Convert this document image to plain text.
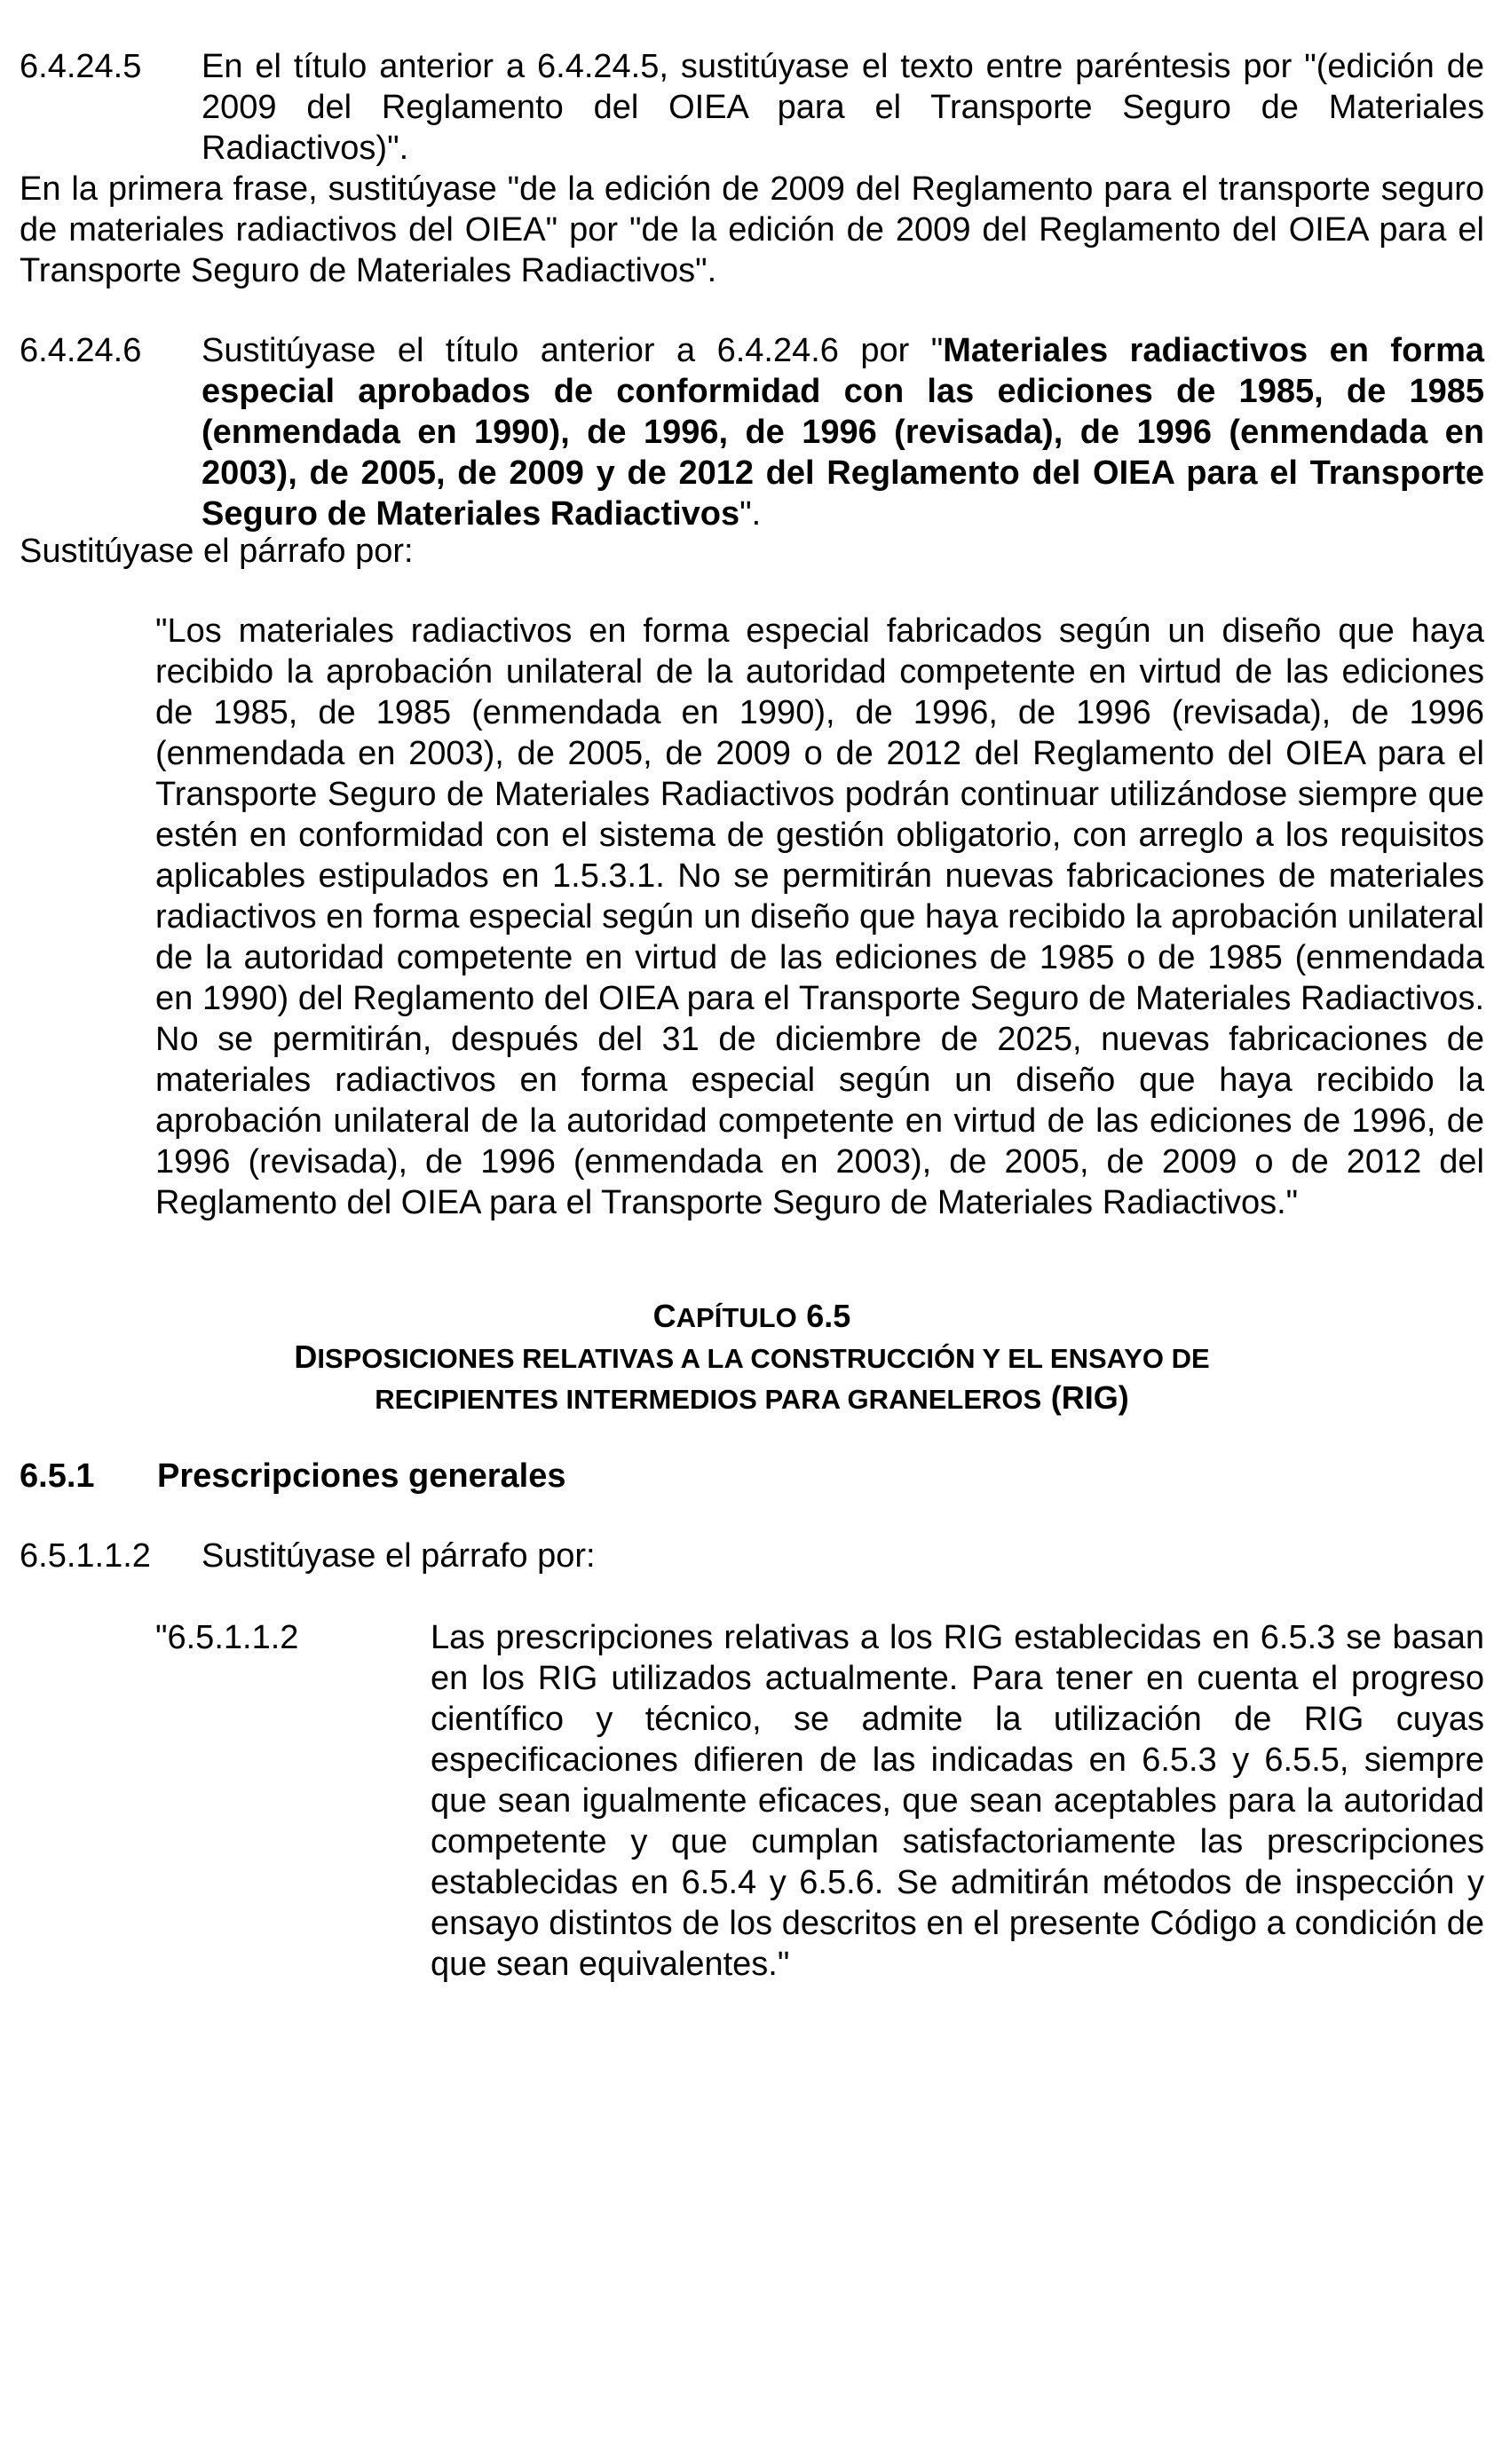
6.4.24.5	En el título anterior a 6.4.24.5, sustitúyase el texto entre paréntesis por "(edición de 2009 del Reglamento del OIEA para el Transporte Seguro de Materiales Radiactivos)".

En la primera frase, sustitúyase "de la edición de 2009 del Reglamento para el transporte seguro de materiales radiactivos del OIEA" por "de la edición de 2009 del Reglamento del OIEA para el Transporte Seguro de Materiales Radiactivos".

6.4.24.6	Sustitúyase el título anterior a 6.4.24.6 por "Materiales radiactivos en forma especial aprobados de conformidad con las ediciones de 1985, de 1985 (enmendada en 1990), de 1996, de 1996 (revisada), de 1996 (enmendada en 2003), de 2005, de 2009 y de 2012 del Reglamento del OIEA para el Transporte Seguro de Materiales Radiactivos".

Sustitúyase el párrafo por:

"Los materiales radiactivos en forma especial fabricados según un diseño que haya recibido la aprobación unilateral de la autoridad competente en virtud de las ediciones de 1985, de 1985 (enmendada en 1990), de 1996, de 1996 (revisada), de 1996 (enmendada en 2003), de 2005, de 2009 o de 2012 del Reglamento del OIEA para el Transporte Seguro de Materiales Radiactivos podrán continuar utilizándose siempre que estén en conformidad con el sistema de gestión obligatorio, con arreglo a los requisitos aplicables estipulados en 1.5.3.1. No se permitirán nuevas fabricaciones de materiales radiactivos en forma especial según un diseño que haya recibido la aprobación unilateral de la autoridad competente en virtud de las ediciones de 1985 o de 1985 (enmendada en 1990) del Reglamento del OIEA para el Transporte Seguro de Materiales Radiactivos. No se permitirán, después del 31 de diciembre de 2025, nuevas fabricaciones de materiales radiactivos en forma especial según un diseño que haya recibido la aprobación unilateral de la autoridad competente en virtud de las ediciones de 1996, de 1996 (revisada), de 1996 (enmendada en 2003), de 2005, de 2009 o de 2012 del Reglamento del OIEA para el Transporte Seguro de Materiales Radiactivos."

CAPÍTULO 6.5
DISPOSICIONES RELATIVAS A LA CONSTRUCCIÓN Y EL ENSAYO DE
RECIPIENTES INTERMEDIOS PARA GRANELEROS (RIG)
6.5.1	Prescripciones generales
6.5.1.1.2	Sustitúyase el párrafo por:
"6.5.1.1.2	Las prescripciones relativas a los RIG establecidas en 6.5.3 se basan en los RIG utilizados actualmente. Para tener en cuenta el progreso científico y técnico, se admite la utilización de RIG cuyas especificaciones difieren de las indicadas en 6.5.3 y 6.5.5, siempre que sean igualmente eficaces, que sean aceptables para la autoridad competente y que cumplan satisfactoriamente las prescripciones establecidas en 6.5.4 y 6.5.6. Se admitirán métodos de inspección y ensayo distintos de los descritos en el presente Código a condición de que sean equivalentes."
